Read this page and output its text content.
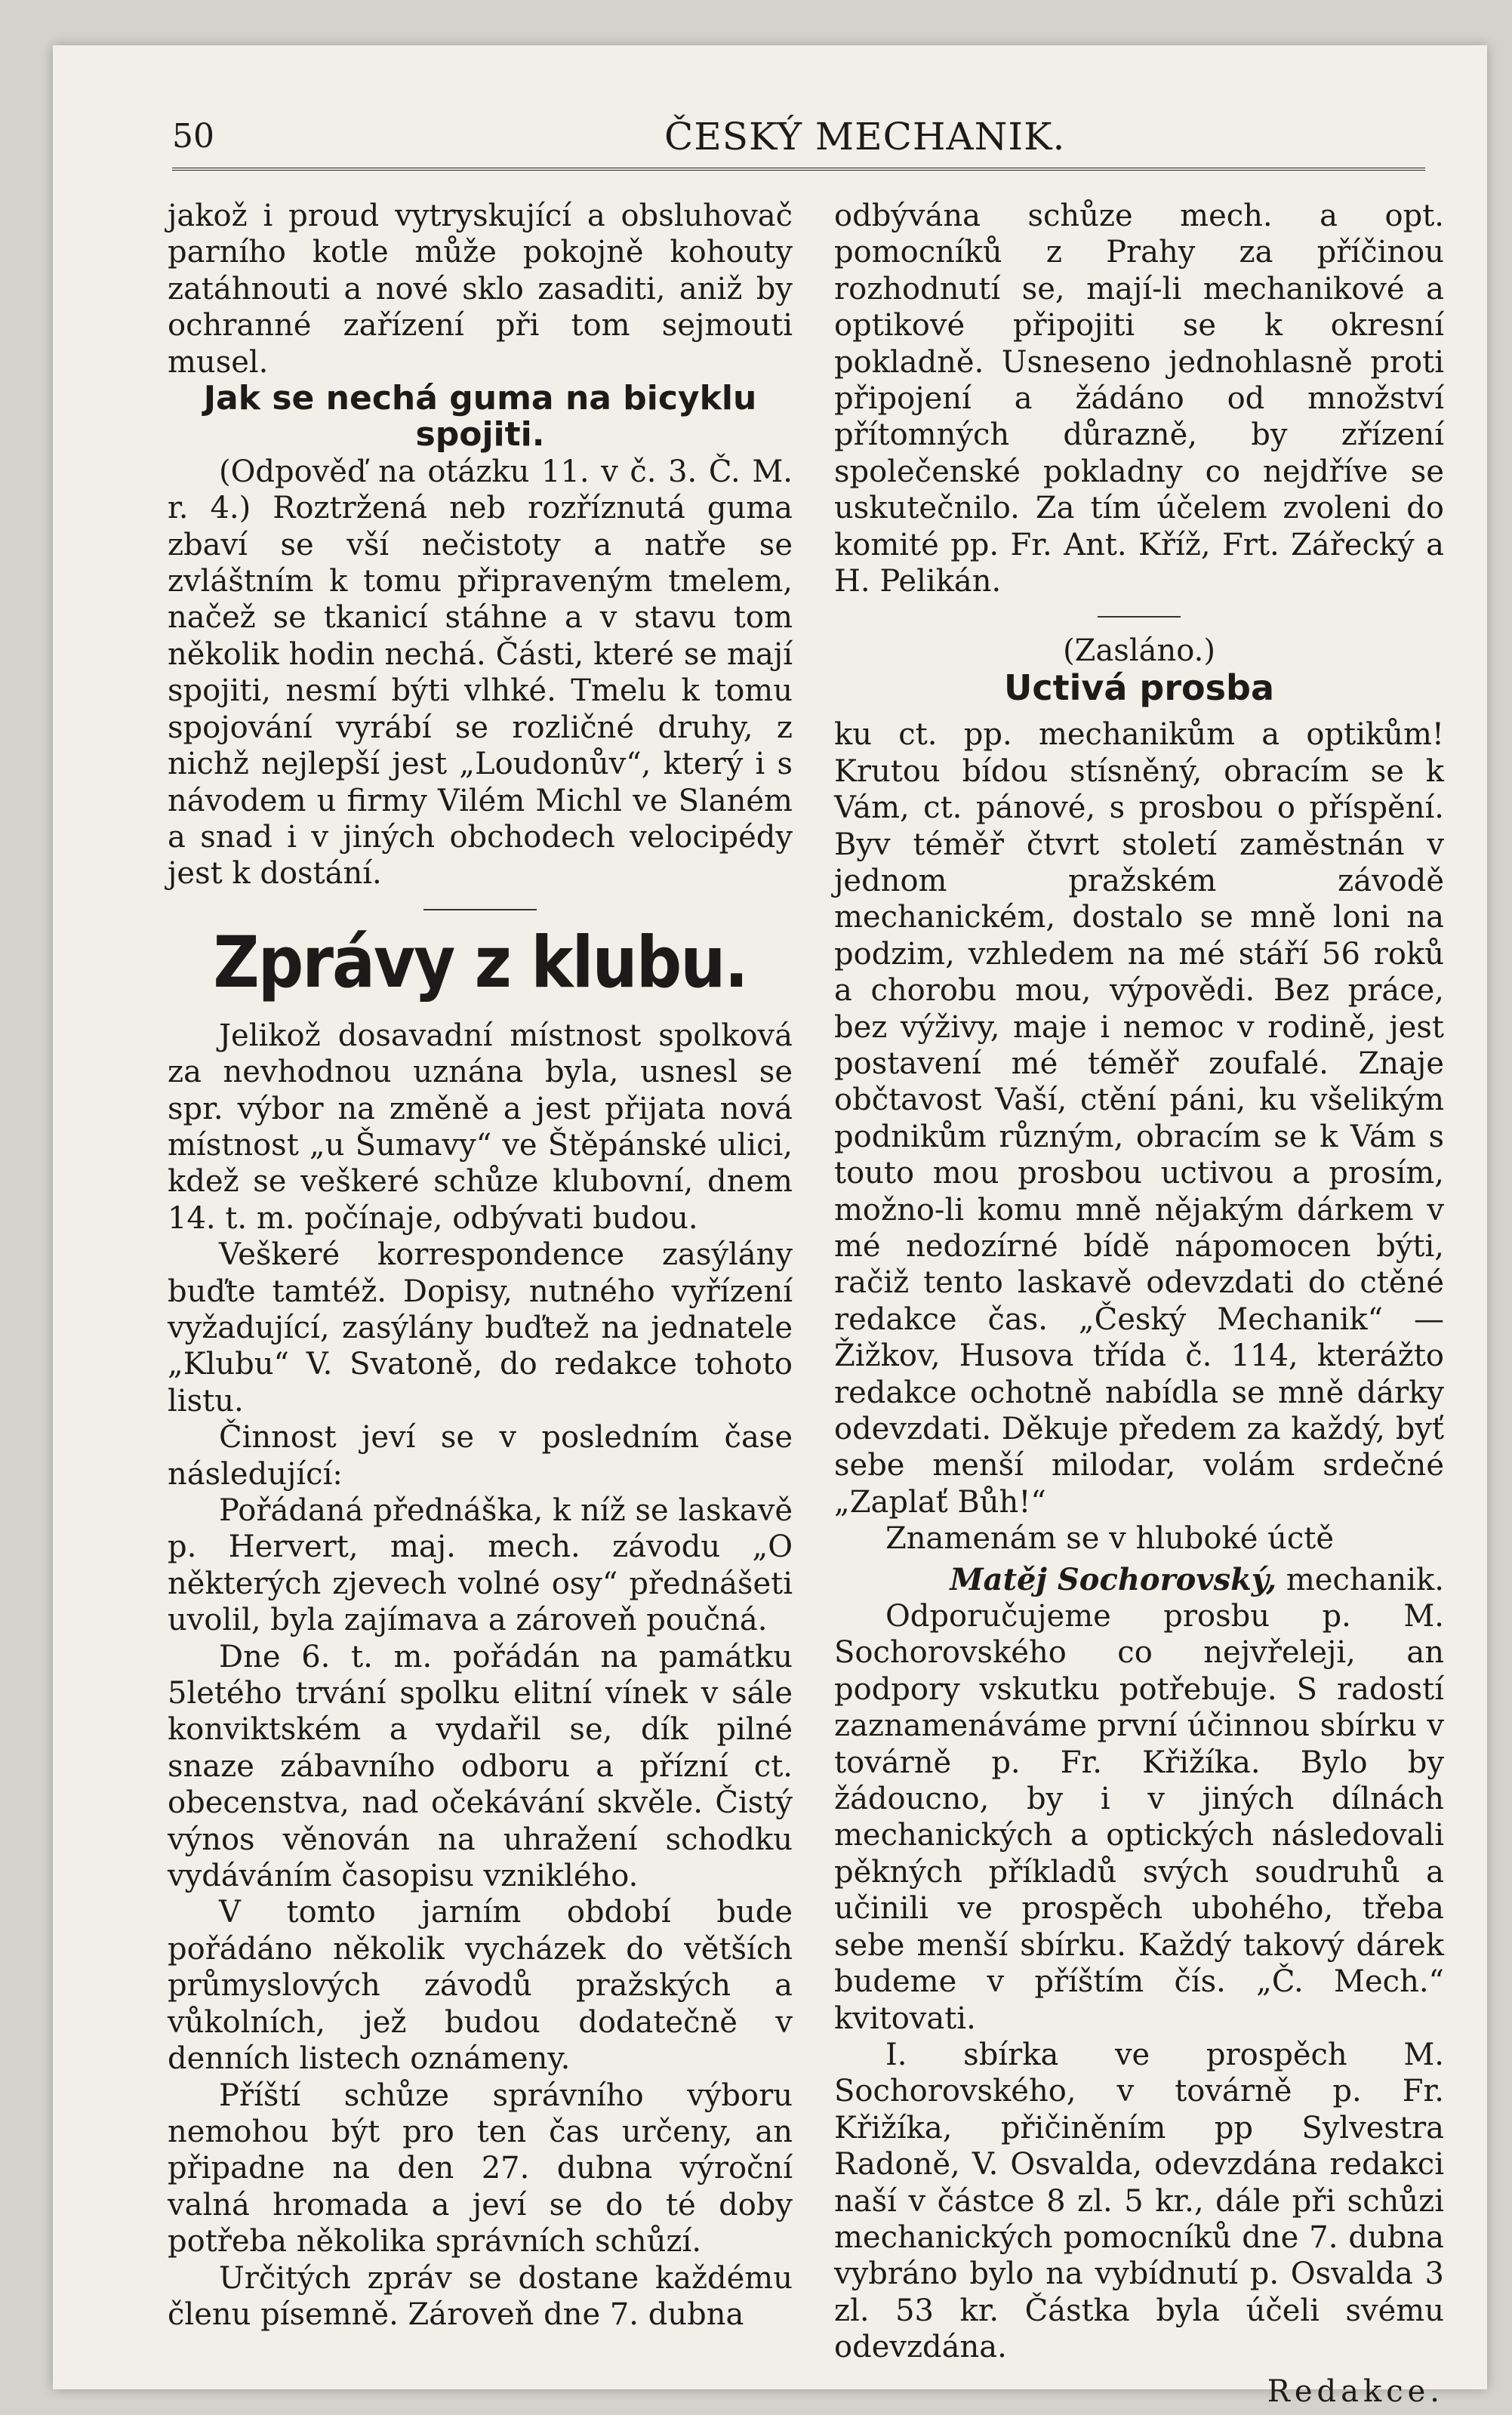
50	ČESKÝ MECHANIK.

jakož i proud vytryskující a obsluhovač parního kotle může pokojně kohouty zatáhnouti a nové sklo zasaditi, aniž by ochranné zařízení při tom sejmouti musel.

Jak se nechá guma na bicyklu spojiti.

(Odpověď na otázku 11. v č. 3. Č. M. r. 4.) Roztržená neb rozříznutá guma zbaví se vší nečistoty a natře se zvláštním k tomu připraveným tmelem, načež se tkanicí stáhne a v stavu tom několik hodin nechá. Části, které se mají spojiti, nesmí býti vlhké. Tmelu k tomu spojování vyrábí se rozličné druhy, z nichž nejlepší jest „Loudonův“, který i s návodem u firmy Vilém Michl ve Slaném a snad i v jiných obchodech velocipédy jest k dostání.

Zprávy z klubu.

Jelikož dosavadní místnost spolková za nevhodnou uznána byla, usnesl se spr. výbor na změně a jest přijata nová místnost „u Šumavy“ ve Štěpánské ulici, kdež se veškeré schůze klubovní, dnem 14. t. m. počínaje, odbývati budou.

Veškeré korrespondence zasýlány buďte tamtéž. Dopisy, nutného vyřízení vyžadující, zasýlány buďtež na jednatele „Klubu“ V. Svatoně, do redakce tohoto listu.

Činnost jeví se v posledním čase následující:

Pořádaná přednáška, k níž se laskavě p. Hervert, maj. mech. závodu „O některých zjevech volné osy“ přednášeti uvolil, byla zajímava a zároveň poučná.

Dne 6. t. m. pořádán na památku 5letého trvání spolku elitní vínek v sále konviktském a vydařil se, dík pilné snaze zábavního odboru a přízní ct. obecenstva, nad očekávání skvěle. Čistý výnos věnován na uhražení schodku vydáváním časopisu vzniklého.

V tomto jarním období bude pořádáno několik vycházek do větších průmyslových závodů pražských a vůkolních, jež budou dodatečně v denních listech oznámeny.

Příští schůze správního výboru nemohou být pro ten čas určeny, an připadne na den 27. dubna výroční valná hromada a jeví se do té doby potřeba několika správních schůzí.

Určitých zpráv se dostane každému členu písemně. Zároveň dne 7. dubna

odbývána schůze mech. a opt. pomocníků z Prahy za příčinou rozhodnutí se, mají-li mechanikové a optikové připojiti se k okresní pokladně. Usneseno jednohlasně proti připojení a žádáno od množství přítomných důrazně, by zřízení společenské pokladny co nejdříve se uskutečnilo. Za tím účelem zvoleni do komité pp. Fr. Ant. Kříž, Frt. Zářecký a H. Pelikán.

(Zasláno.)

Uctivá prosba

ku ct. pp. mechanikům a optikům! Krutou bídou stísněný, obracím se k Vám, ct. pánové, s prosbou o příspění. Byv téměř čtvrt století zaměstnán v jednom pražském závodě mechanickém, dostalo se mně loni na podzim, vzhledem na mé stáří 56 roků a chorobu mou, výpovědi. Bez práce, bez výživy, maje i nemoc v rodině, jest postavení mé téměř zoufalé. Znaje občtavost Vaší, ctění páni, ku všelikým podnikům různým, obracím se k Vám s touto mou prosbou uctivou a prosím, možno-li komu mně nějakým dárkem v mé nedozírné bídě nápomocen býti, račiž tento laskavě odevzdati do ctěné redakce čas. „Český Mechanik“ — Žižkov, Husova třída č. 114, kterážto redakce ochotně nabídla se mně dárky odevzdati. Děkuje předem za každý, byť sebe menší milodar, volám srdečné „Zaplať Bůh!“

Znamenám se v hluboké úctě

Matěj Sochorovský, mechanik.

Odporučujeme prosbu p. M. Sochorovského co nejvřeleji, an podpory vskutku potřebuje. S radostí zaznamenáváme první účinnou sbírku v továrně p. Fr. Křižíka. Bylo by žádoucno, by i v jiných dílnách mechanických a optických následovali pěkných příkladů svých soudruhů a učinili ve prospěch ubohého, třeba sebe menší sbírku. Každý takový dárek budeme v příštím čís. „Č. Mech.“ kvitovati.

I. sbírka ve prospěch M. Sochorovského, v továrně p. Fr. Křižíka, přičiněním pp Sylvestra Radoně, V. Osvalda, odevzdána redakci naší v částce 8 zl. 5 kr., dále při schůzi mechanických pomocníků dne 7. dubna vybráno bylo na vybídnutí p. Osvalda 3 zl. 53 kr. Částka byla účeli svému odevzdána.

Redakce.
